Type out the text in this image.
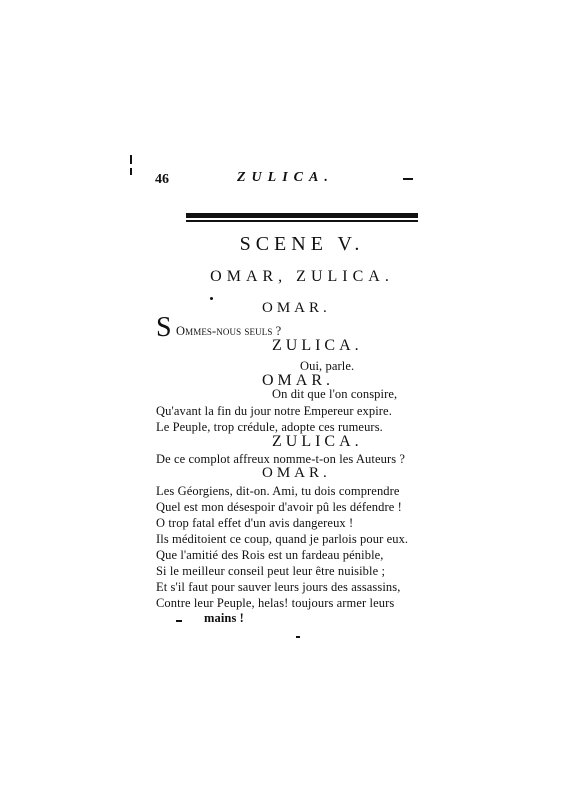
46	ZULICA.
SCENE V.
OMAR, ZULICA.
OMAR.
S Ommes-nous seuls ?
ZULICA.
Oui, parle.
OMAR.
On dit que l'on conspire,
Qu'avant la fin du jour notre Empereur expire.
Le Peuple, trop crédule, adopte ces rumeurs.
ZULICA.
De ce complot affreux nomme-t-on les Auteurs ?
OMAR.
Les Géorgiens, dit-on. Ami, tu dois comprendre
Quel est mon désespoir d'avoir pû les défendre !
O trop fatal effet d'un avis dangereux !
Ils méditoient ce coup, quand je parlois pour eux.
Que l'amitié des Rois est un fardeau pénible,
Si le meilleur conseil peut leur être nuisible ;
Et s'il faut pour sauver leurs jours des assassins,
Contre leur Peuple, helas! toujours armer leurs
mains !
